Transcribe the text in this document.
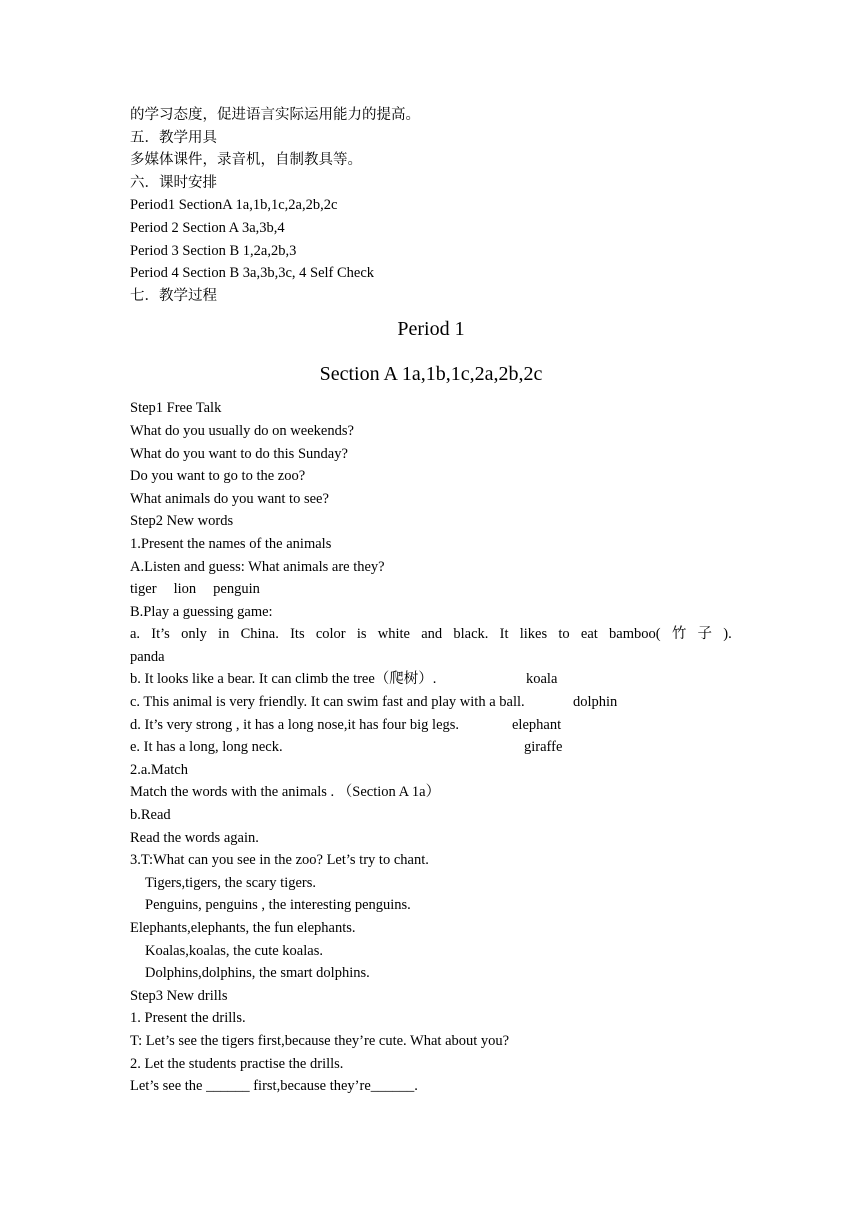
的学习态度，促进语言实际运用能力的提高。
五．教学用具
多媒体课件，录音机，自制教具等。
六．课时安排
Period1 SectionA 1a,1b,1c,2a,2b,2c
Period 2 Section A 3a,3b,4
Period 3 Section B 1,2a,2b,3
Period 4 Section B 3a,3b,3c, 4 Self Check
七．教学过程
Period 1
Section A 1a,1b,1c,2a,2b,2c
Step1 Free Talk
What do you usually do on weekends?
What do you want to do this Sunday?
Do you want to go to the zoo?
What animals do you want to see?
Step2 New words
1.Present the names of the animals
A.Listen and guess: What animals are they?
tiger lion penguin
B.Play a guessing game:
a. It’s only in China. Its color is white and black. It likes to eat bamboo( 竹 子 ).
panda
b. It looks like a bear. It can climb the tree（爬树）.	koala
c. This animal is very friendly. It can swim fast and play with a ball.	dolphin
d. It’s very strong , it has a long nose,it has four big legs.	elephant
e. It has a long, long neck.	giraffe
2.a.Match
Match the words with the animals . （Section A 1a）
b.Read
Read the words again.
3.T:What can you see in the zoo? Let’s try to chant.
Tigers,tigers, the scary tigers.
Penguins, penguins , the interesting penguins.
Elephants,elephants, the fun elephants.
Koalas,koalas, the cute koalas.
Dolphins,dolphins, the smart dolphins.
Step3 New drills
1. Present the drills.
T: Let’s see the tigers first,because they’re cute. What about you?
2. Let the students practise the drills.
Let’s see the ______ first,because they’re______.
